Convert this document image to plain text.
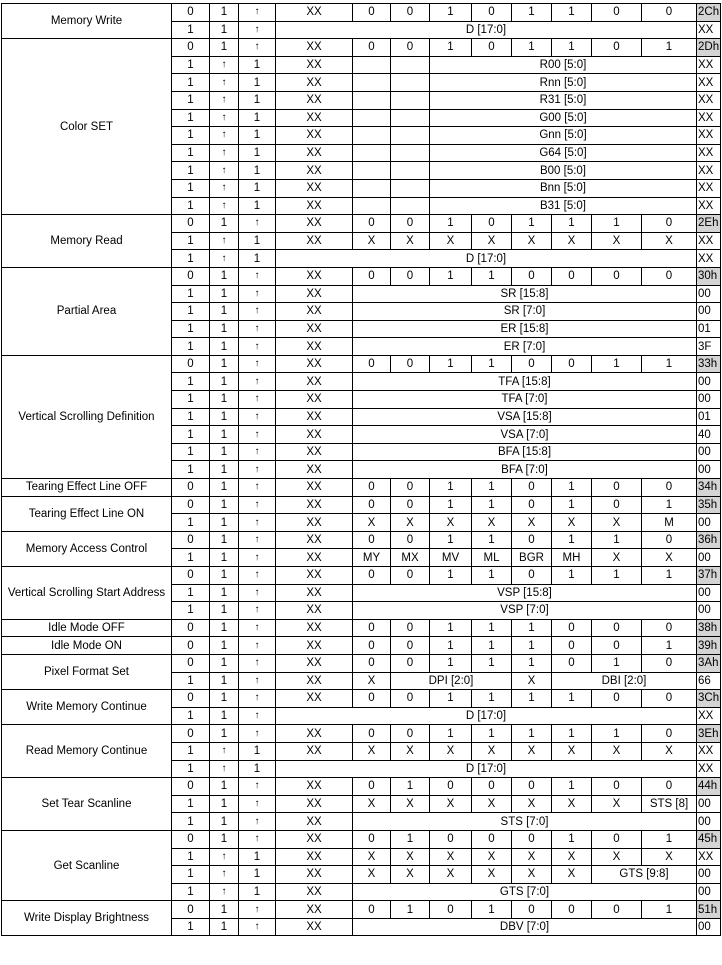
Memory Write	0	1	↑	XX	0	0	1	0	1	1	0	0	2Ch
	1	1	↑	D [17:0]									XX
Color SET	0	1	↑	XX	0	0	1	0	1	1	0	1	2Dh
	1	↑	1	XX			R00 [5:0]						XX
	1	↑	1	XX			Rnn [5:0]						XX
	1	↑	1	XX			R31 [5:0]						XX
	1	↑	1	XX			G00 [5:0]						XX
	1	↑	1	XX			Gnn [5:0]						XX
	1	↑	1	XX			G64 [5:0]						XX
	1	↑	1	XX			B00 [5:0]						XX
	1	↑	1	XX			Bnn [5:0]						XX
	1	↑	1	XX			B31 [5:0]						XX
Memory Read	0	1	↑	XX	0	0	1	0	1	1	1	0	2Eh
	1	↑	1	XX	X	X	X	X	X	X	X	X	XX
	1	↑	1	D [17:0]									XX
Partial Area	0	1	↑	XX	0	0	1	1	0	0	0	0	30h
	1	1	↑	XX	SR [15:8]								00
	1	1	↑	XX	SR [7:0]								00
	1	1	↑	XX	ER [15:8]								01
	1	1	↑	XX	ER [7:0]								3F
Vertical Scrolling Definition	0	1	↑	XX	0	0	1	1	0	0	1	1	33h
	1	1	↑	XX	TFA [15:8]								00
	1	1	↑	XX	TFA [7:0]								00
	1	1	↑	XX	VSA [15:8]								01
	1	1	↑	XX	VSA [7:0]								40
	1	1	↑	XX	BFA [15:8]								00
	1	1	↑	XX	BFA [7:0]								00
Tearing Effect Line OFF	0	1	↑	XX	0	0	1	1	0	1	0	0	34h
Tearing Effect Line ON	0	1	↑	XX	0	0	1	1	0	1	0	1	35h
	1	1	↑	XX	X	X	X	X	X	X	X	M	00
Memory Access Control	0	1	↑	XX	0	0	1	1	0	1	1	0	36h
	1	1	↑	XX	MY	MX	MV	ML	BGR	MH	X	X	00
Vertical Scrolling Start Address	0	1	↑	XX	0	0	1	1	0	1	1	1	37h
	1	1	↑	XX	VSP [15:8]								00
	1	1	↑	XX	VSP [7:0]								00
Idle Mode OFF	0	1	↑	XX	0	0	1	1	1	0	0	0	38h
Idle Mode ON	0	1	↑	XX	0	0	1	1	1	0	0	1	39h
Pixel Format Set	0	1	↑	XX	0	0	1	1	1	0	1	0	3Ah
	1	1	↑	XX	X	DPI [2:0]			X	DBI [2:0]			66
Write Memory Continue	0	1	↑	XX	0	0	1	1	1	1	0	0	3Ch
	1	1	↑	D [17:0]									XX
Read Memory Continue	0	1	↑	XX	0	0	1	1	1	1	1	0	3Eh
	1	↑	1	XX	X	X	X	X	X	X	X	X	XX
	1	↑	1	D [17:0]									XX
Set Tear Scanline	0	1	↑	XX	0	1	0	0	0	1	0	0	44h
	1	1	↑	XX	X	X	X	X	X	X	X	STS [8]	00
	1	1	↑	XX	STS [7:0]								00
Get Scanline	0	1	↑	XX	0	1	0	0	0	1	0	1	45h
	1	↑	1	XX	X	X	X	X	X	X	X	X	XX
	1	↑	1	XX	X	X	X	X	X	X	GTS [9:8]		00
	1	↑	1	XX	GTS [7:0]								00
Write Display Brightness	0	1	↑	XX	0	1	0	1	0	0	0	1	51h
	1	1	↑	XX	DBV [7:0]								00
